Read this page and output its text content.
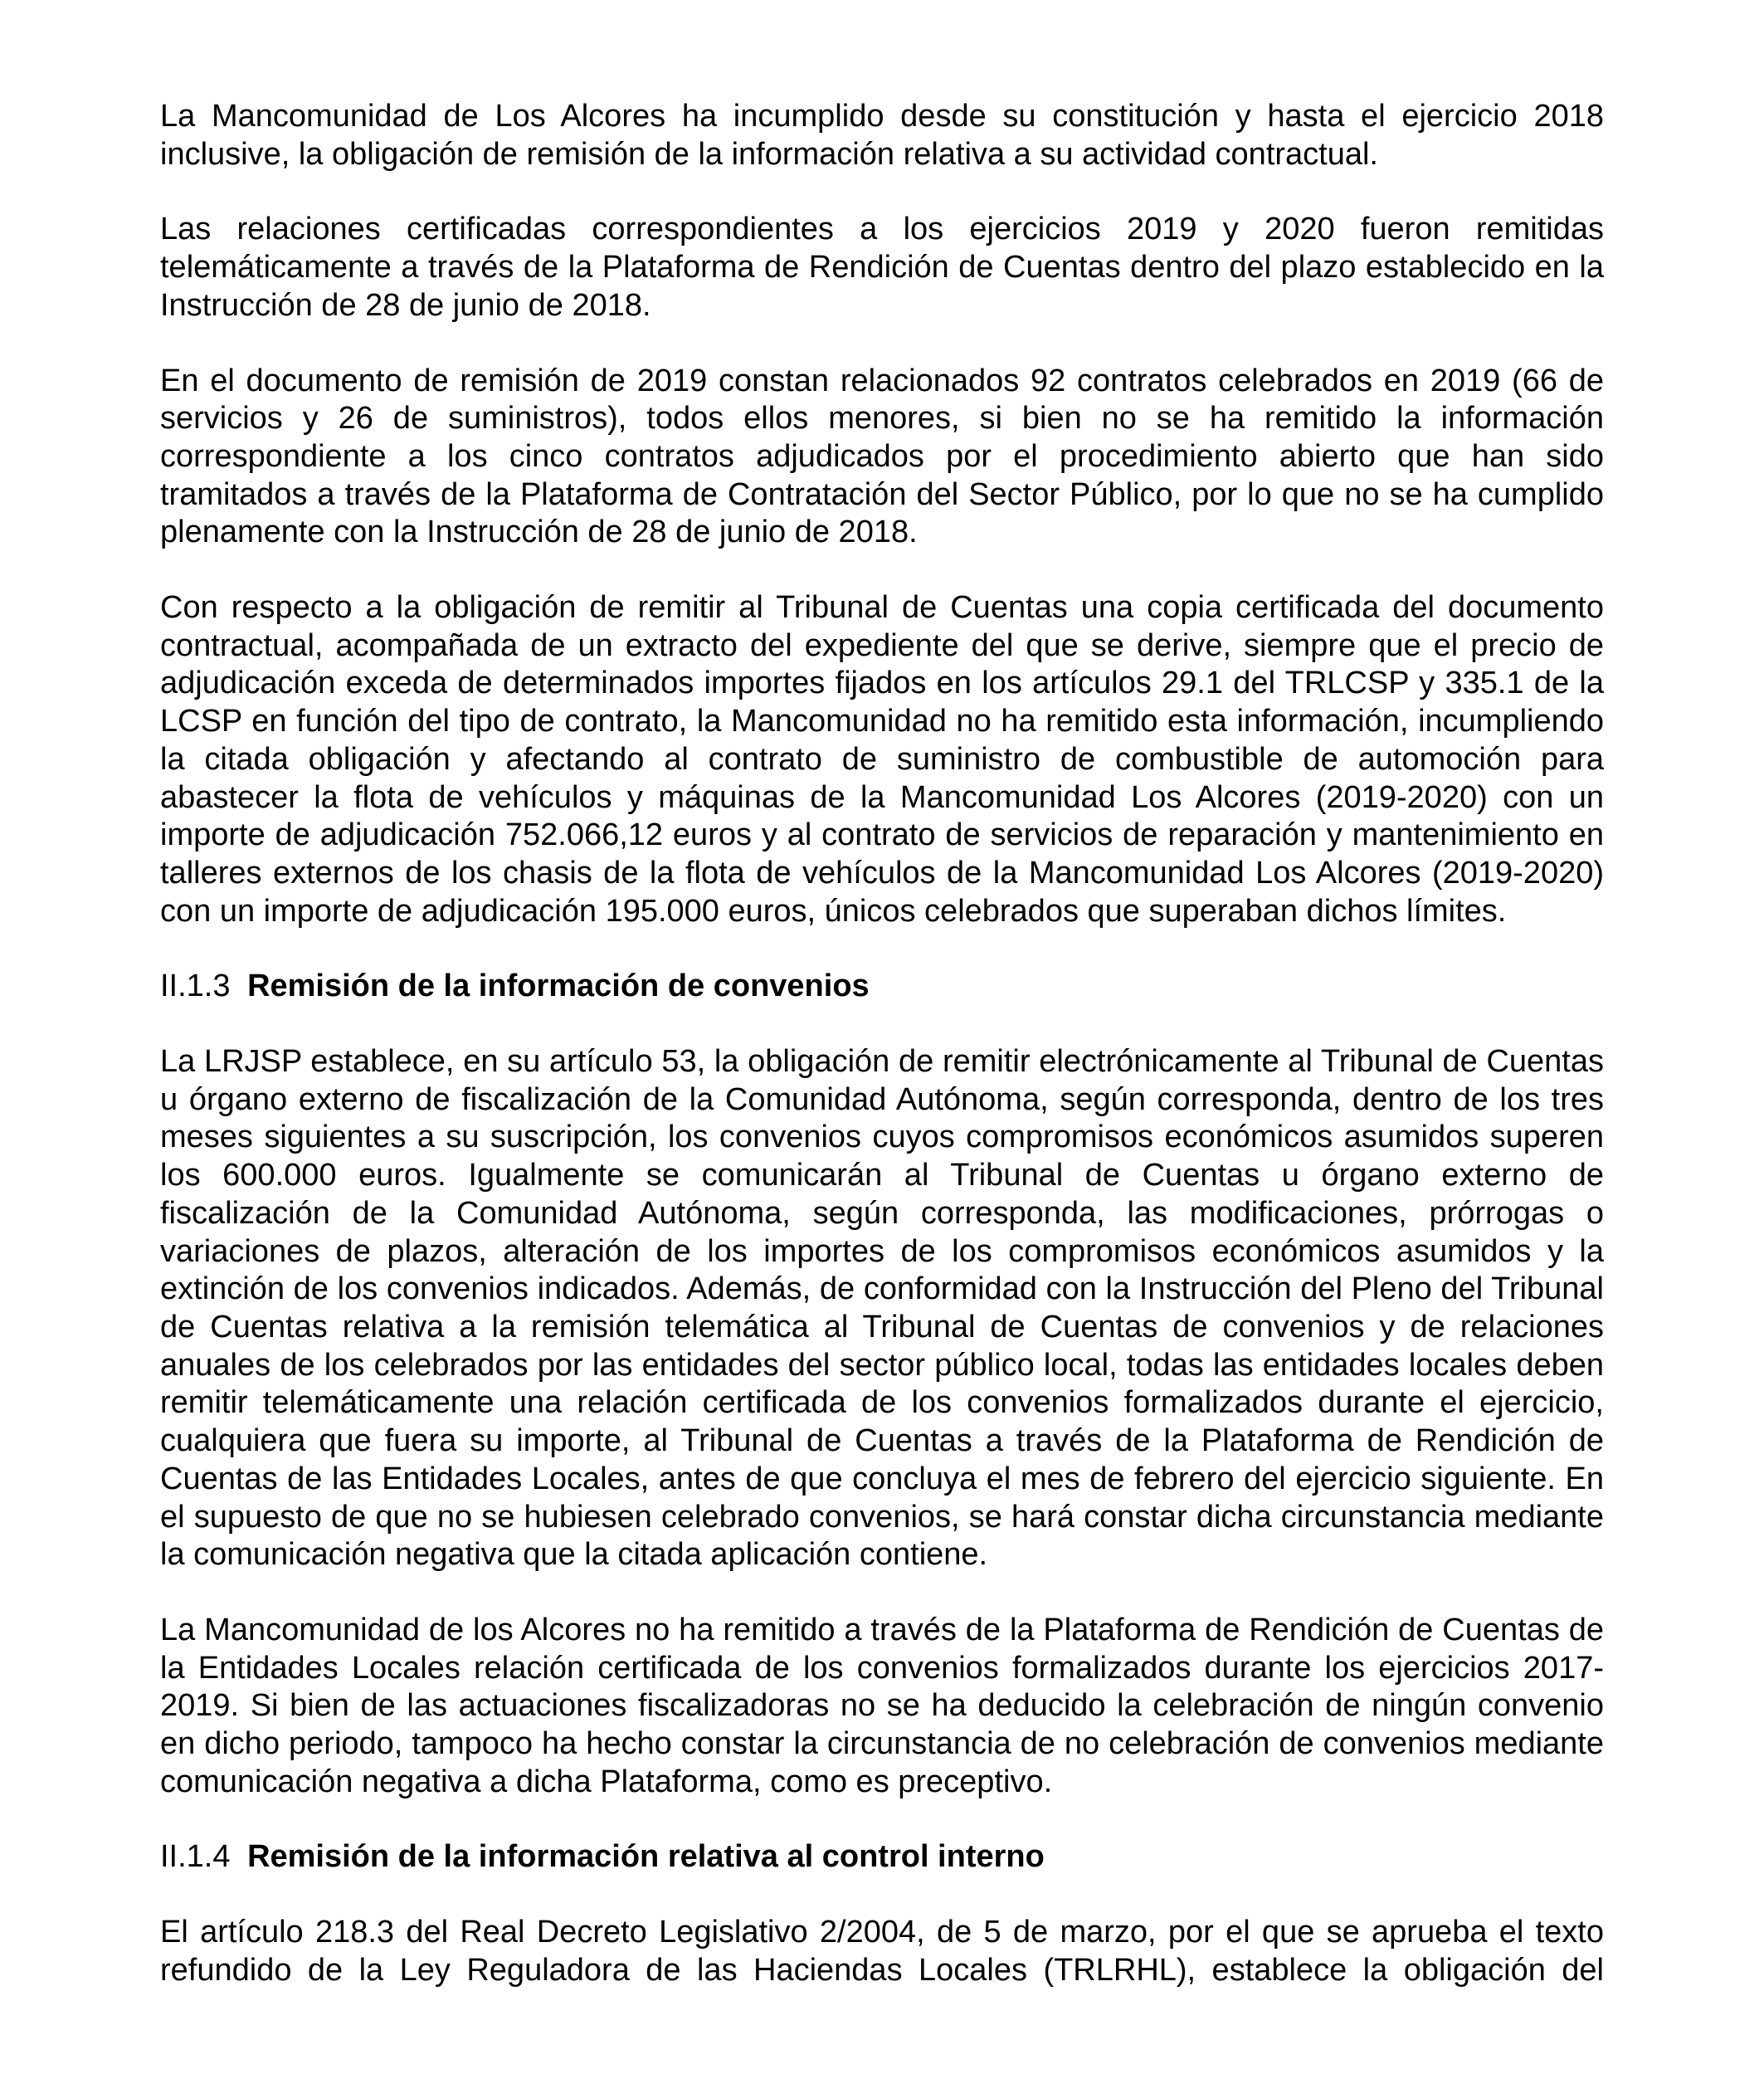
La Mancomunidad de Los Alcores ha incumplido desde su constitución y hasta el ejercicio 2018 inclusive, la obligación de remisión de la información relativa a su actividad contractual.

Las relaciones certificadas correspondientes a los ejercicios 2019 y 2020 fueron remitidas telemáticamente a través de la Plataforma de Rendición de Cuentas dentro del plazo establecido en la Instrucción de 28 de junio de 2018.

En el documento de remisión de 2019 constan relacionados 92 contratos celebrados en 2019 (66 de servicios y 26 de suministros), todos ellos menores, si bien no se ha remitido la información correspondiente a los cinco contratos adjudicados por el procedimiento abierto que han sido tramitados a través de la Plataforma de Contratación del Sector Público, por lo que no se ha cumplido plenamente con la Instrucción de 28 de junio de 2018.

Con respecto a la obligación de remitir al Tribunal de Cuentas una copia certificada del documento contractual, acompañada de un extracto del expediente del que se derive, siempre que el precio de adjudicación exceda de determinados importes fijados en los artículos 29.1 del TRLCSP y 335.1 de la LCSP en función del tipo de contrato, la Mancomunidad no ha remitido esta información, incumpliendo la citada obligación y afectando al contrato de suministro de combustible de automoción para abastecer la flota de vehículos y máquinas de la Mancomunidad Los Alcores (2019-2020) con un importe de adjudicación 752.066,12 euros y al contrato de servicios de reparación y mantenimiento en talleres externos de los chasis de la flota de vehículos de la Mancomunidad Los Alcores (2019-2020) con un importe de adjudicación 195.000 euros, únicos celebrados que superaban dichos límites.

II.1.3 Remisión de la información de convenios

La LRJSP establece, en su artículo 53, la obligación de remitir electrónicamente al Tribunal de Cuentas u órgano externo de fiscalización de la Comunidad Autónoma, según corresponda, dentro de los tres meses siguientes a su suscripción, los convenios cuyos compromisos económicos asumidos superen los 600.000 euros. Igualmente se comunicarán al Tribunal de Cuentas u órgano externo de fiscalización de la Comunidad Autónoma, según corresponda, las modificaciones, prórrogas o variaciones de plazos, alteración de los importes de los compromisos económicos asumidos y la extinción de los convenios indicados. Además, de conformidad con la Instrucción del Pleno del Tribunal de Cuentas relativa a la remisión telemática al Tribunal de Cuentas de convenios y de relaciones anuales de los celebrados por las entidades del sector público local, todas las entidades locales deben remitir telemáticamente una relación certificada de los convenios formalizados durante el ejercicio, cualquiera que fuera su importe, al Tribunal de Cuentas a través de la Plataforma de Rendición de Cuentas de las Entidades Locales, antes de que concluya el mes de febrero del ejercicio siguiente. En el supuesto de que no se hubiesen celebrado convenios, se hará constar dicha circunstancia mediante la comunicación negativa que la citada aplicación contiene.

La Mancomunidad de los Alcores no ha remitido a través de la Plataforma de Rendición de Cuentas de la Entidades Locales relación certificada de los convenios formalizados durante los ejercicios 2017-2019. Si bien de las actuaciones fiscalizadoras no se ha deducido la celebración de ningún convenio en dicho periodo, tampoco ha hecho constar la circunstancia de no celebración de convenios mediante comunicación negativa a dicha Plataforma, como es preceptivo.

II.1.4 Remisión de la información relativa al control interno

El artículo 218.3 del Real Decreto Legislativo 2/2004, de 5 de marzo, por el que se aprueba el texto refundido de la Ley Reguladora de las Haciendas Locales (TRLRHL), establece la obligación del
